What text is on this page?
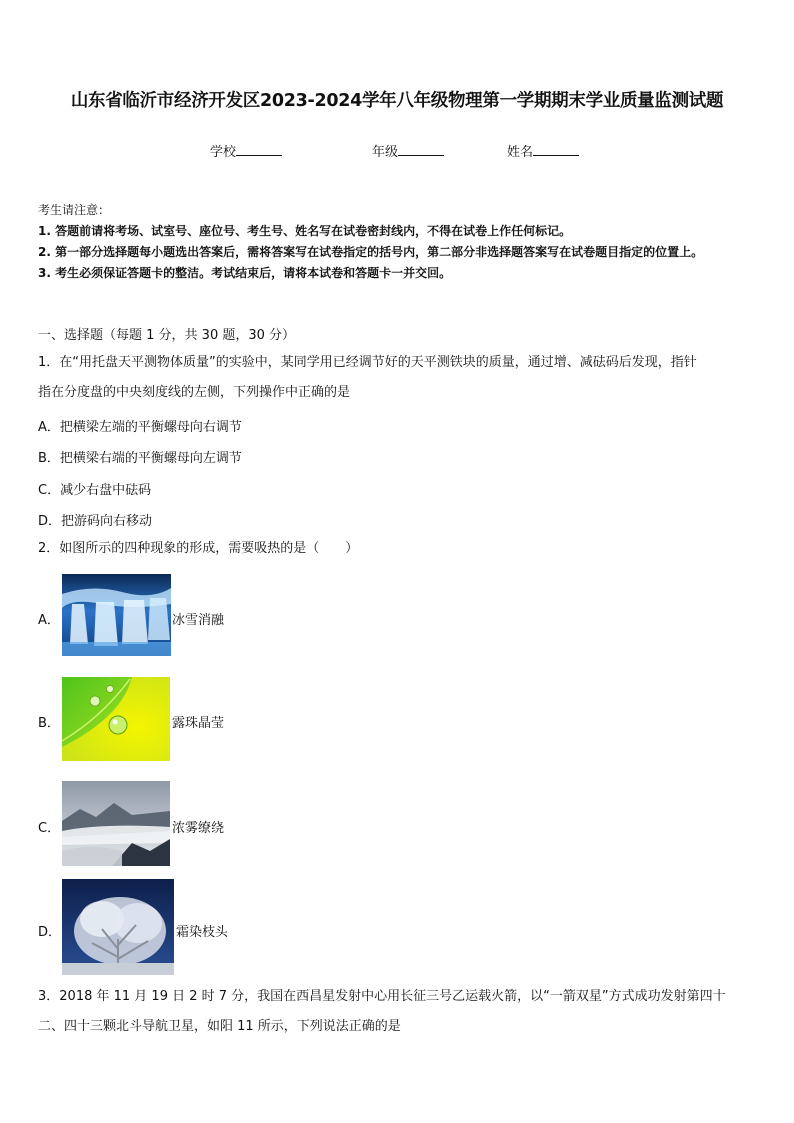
山东省临沂市经济开发区2023-2024学年八年级物理第一学期期末学业质量监测试题
学校	年级	姓名
考生请注意：
1. 答题前请将考场、试室号、座位号、考生号、姓名写在试卷密封线内，不得在试卷上作任何标记。
2. 第一部分选择题每小题选出答案后，需将答案写在试卷指定的括号内，第二部分非选择题答案写在试卷题目指定的位置上。
3. 考生必须保证答题卡的整洁。考试结束后，请将本试卷和答题卡一并交回。
一、选择题（每题 1 分，共 30 题，30 分）
1．在“用托盘天平测物体质量”的实验中，某同学用已经调节好的天平测铁块的质量，通过增、减砝码后发现，指针
指在分度盘的中央刻度线的左侧，下列操作中正确的是
A．把横梁左端的平衡螺母向右调节
B．把横梁右端的平衡螺母向左调节
C．减少右盘中砝码
D．把游码向右移动
2．如图所示的四种现象的形成，需要吸热的是（　　）
A．	冰雪消融
B．	露珠晶莹
C．	浓雾缭绕
D．	霜染枝头
3．2018 年 11 月 19 日 2 时 7 分，我国在西昌星发射中心用长征三号乙运载火箭，以“一箭双星”方式成功发射第四十
二、四十三颗北斗导航卫星，如阳 11 所示，下列说法正确的是
